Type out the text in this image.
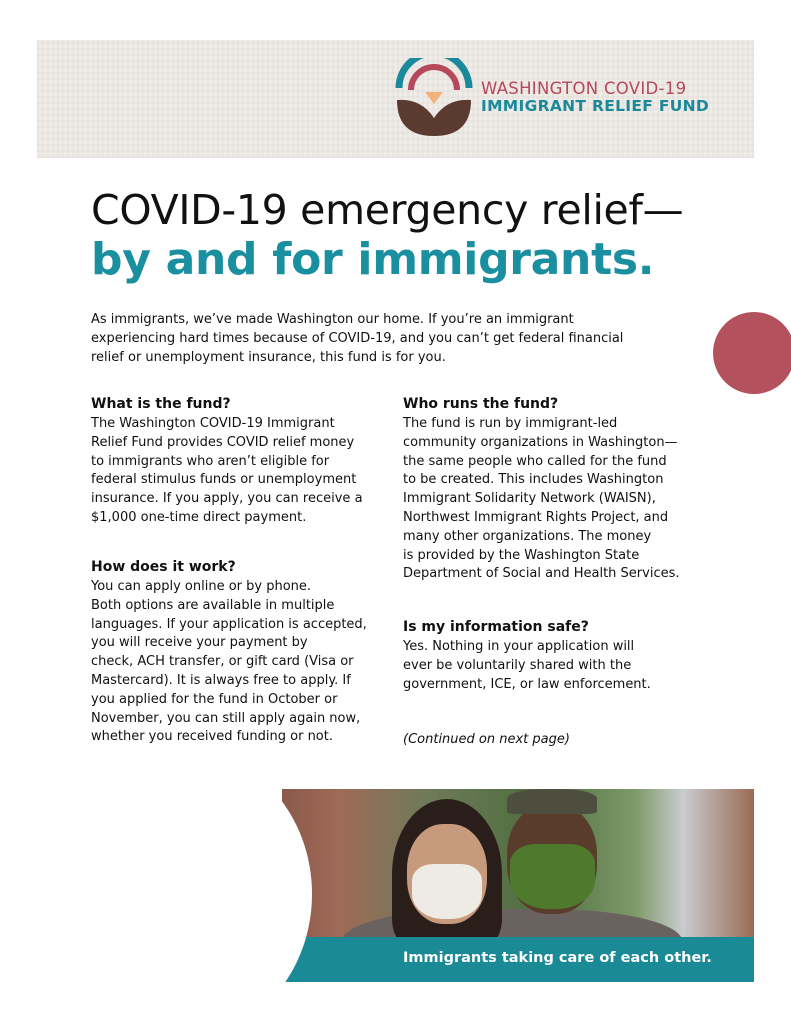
WASHINGTON COVID-19
IMMIGRANT RELIEF FUND
COVID-19 emergency relief—
by and for immigrants.
As immigrants, we’ve made Washington our home. If you’re an immigrant
experiencing hard times because of COVID-19, and you can’t get federal financial
relief or unemployment insurance, this fund is for you.
What is the fund?
The Washington COVID-19 Immigrant
Relief Fund provides COVID relief money
to immigrants who aren’t eligible for
federal stimulus funds or unemployment
insurance. If you apply, you can receive a
$1,000 one-time direct payment.
How does it work?
You can apply online or by phone.
Both options are available in multiple
languages. If your application is accepted,
you will receive your payment by
check, ACH transfer, or gift card (Visa or
Mastercard). It is always free to apply. If
you applied for the fund in October or
November, you can still apply again now,
whether you received funding or not.
Who runs the fund?
The fund is run by immigrant-led
community organizations in Washington—
the same people who called for the fund
to be created. This includes Washington
Immigrant Solidarity Network (WAISN),
Northwest Immigrant Rights Project, and
many other organizations. The money
is provided by the Washington State
Department of Social and Health Services.
Is my information safe?
Yes. Nothing in your application will
ever be voluntarily shared with the
government, ICE, or law enforcement.
(Continued on next page)
Immigrants taking care of each other.
